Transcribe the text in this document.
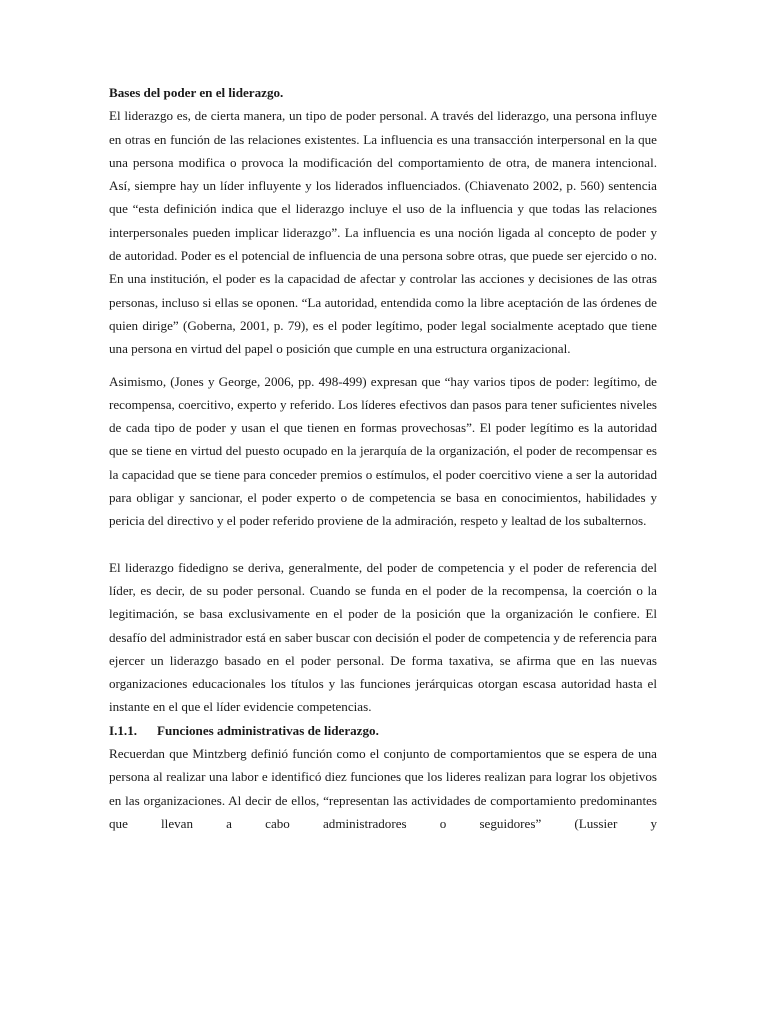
Bases del poder en el liderazgo.

El liderazgo es, de cierta manera, un tipo de poder personal. A través del liderazgo, una persona influye en otras en función de las relaciones existentes. La influencia es una transacción interpersonal en la que una persona modifica o provoca la modificación del comportamiento de otra, de manera intencional. Así, siempre hay un líder influyente y los liderados influenciados. (Chiavenato 2002, p. 560) sentencia que “esta definición indica que el liderazgo incluye el uso de la influencia y que todas las relaciones interpersonales pueden implicar liderazgo”. La influencia es una noción ligada al concepto de poder y de autoridad. Poder es el potencial de influencia de una persona sobre otras, que puede ser ejercido o no. En una institución, el poder es la capacidad de afectar y controlar las acciones y decisiones de las otras personas, incluso si ellas se oponen. “La autoridad, entendida como la libre aceptación de las órdenes de quien dirige” (Goberna, 2001, p. 79), es el poder legítimo, poder legal socialmente aceptado que tiene una persona en virtud del papel o posición que cumple en una estructura organizacional.

Asimismo, (Jones y George, 2006, pp. 498-499) expresan que “hay varios tipos de poder: legítimo, de recompensa, coercitivo, experto y referido. Los líderes efectivos dan pasos para tener suficientes niveles de cada tipo de poder y usan el que tienen en formas provechosas”. El poder legítimo es la autoridad que se tiene en virtud del puesto ocupado en la jerarquía de la organización, el poder de recompensar es la capacidad que se tiene para conceder premios o estímulos, el poder coercitivo viene a ser la autoridad para obligar y sancionar, el poder experto o de competencia se basa en conocimientos, habilidades y pericia del directivo y el poder referido proviene de la admiración, respeto y lealtad de los subalternos.

El liderazgo fidedigno se deriva, generalmente, del poder de competencia y el poder de referencia del líder, es decir, de su poder personal. Cuando se funda en el poder de la recompensa, la coerción o la legitimación, se basa exclusivamente en el poder de la posición que la organización le confiere. El desafío del administrador está en saber buscar con decisión el poder de competencia y de referencia para ejercer un liderazgo basado en el poder personal. De forma taxativa, se afirma que en las nuevas organizaciones educacionales los títulos y las funciones jerárquicas otorgan escasa autoridad hasta el instante en el que el líder evidencie competencias.

I.1.1.	Funciones administrativas de liderazgo.

Recuerdan que Mintzberg definió función como el conjunto de comportamientos que se espera de una persona al realizar una labor e identificó diez funciones que los lideres realizan para lograr los objetivos en las organizaciones. Al decir de ellos, “representan las actividades de comportamiento predominantes que llevan a cabo administradores o seguidores” (Lussier y
